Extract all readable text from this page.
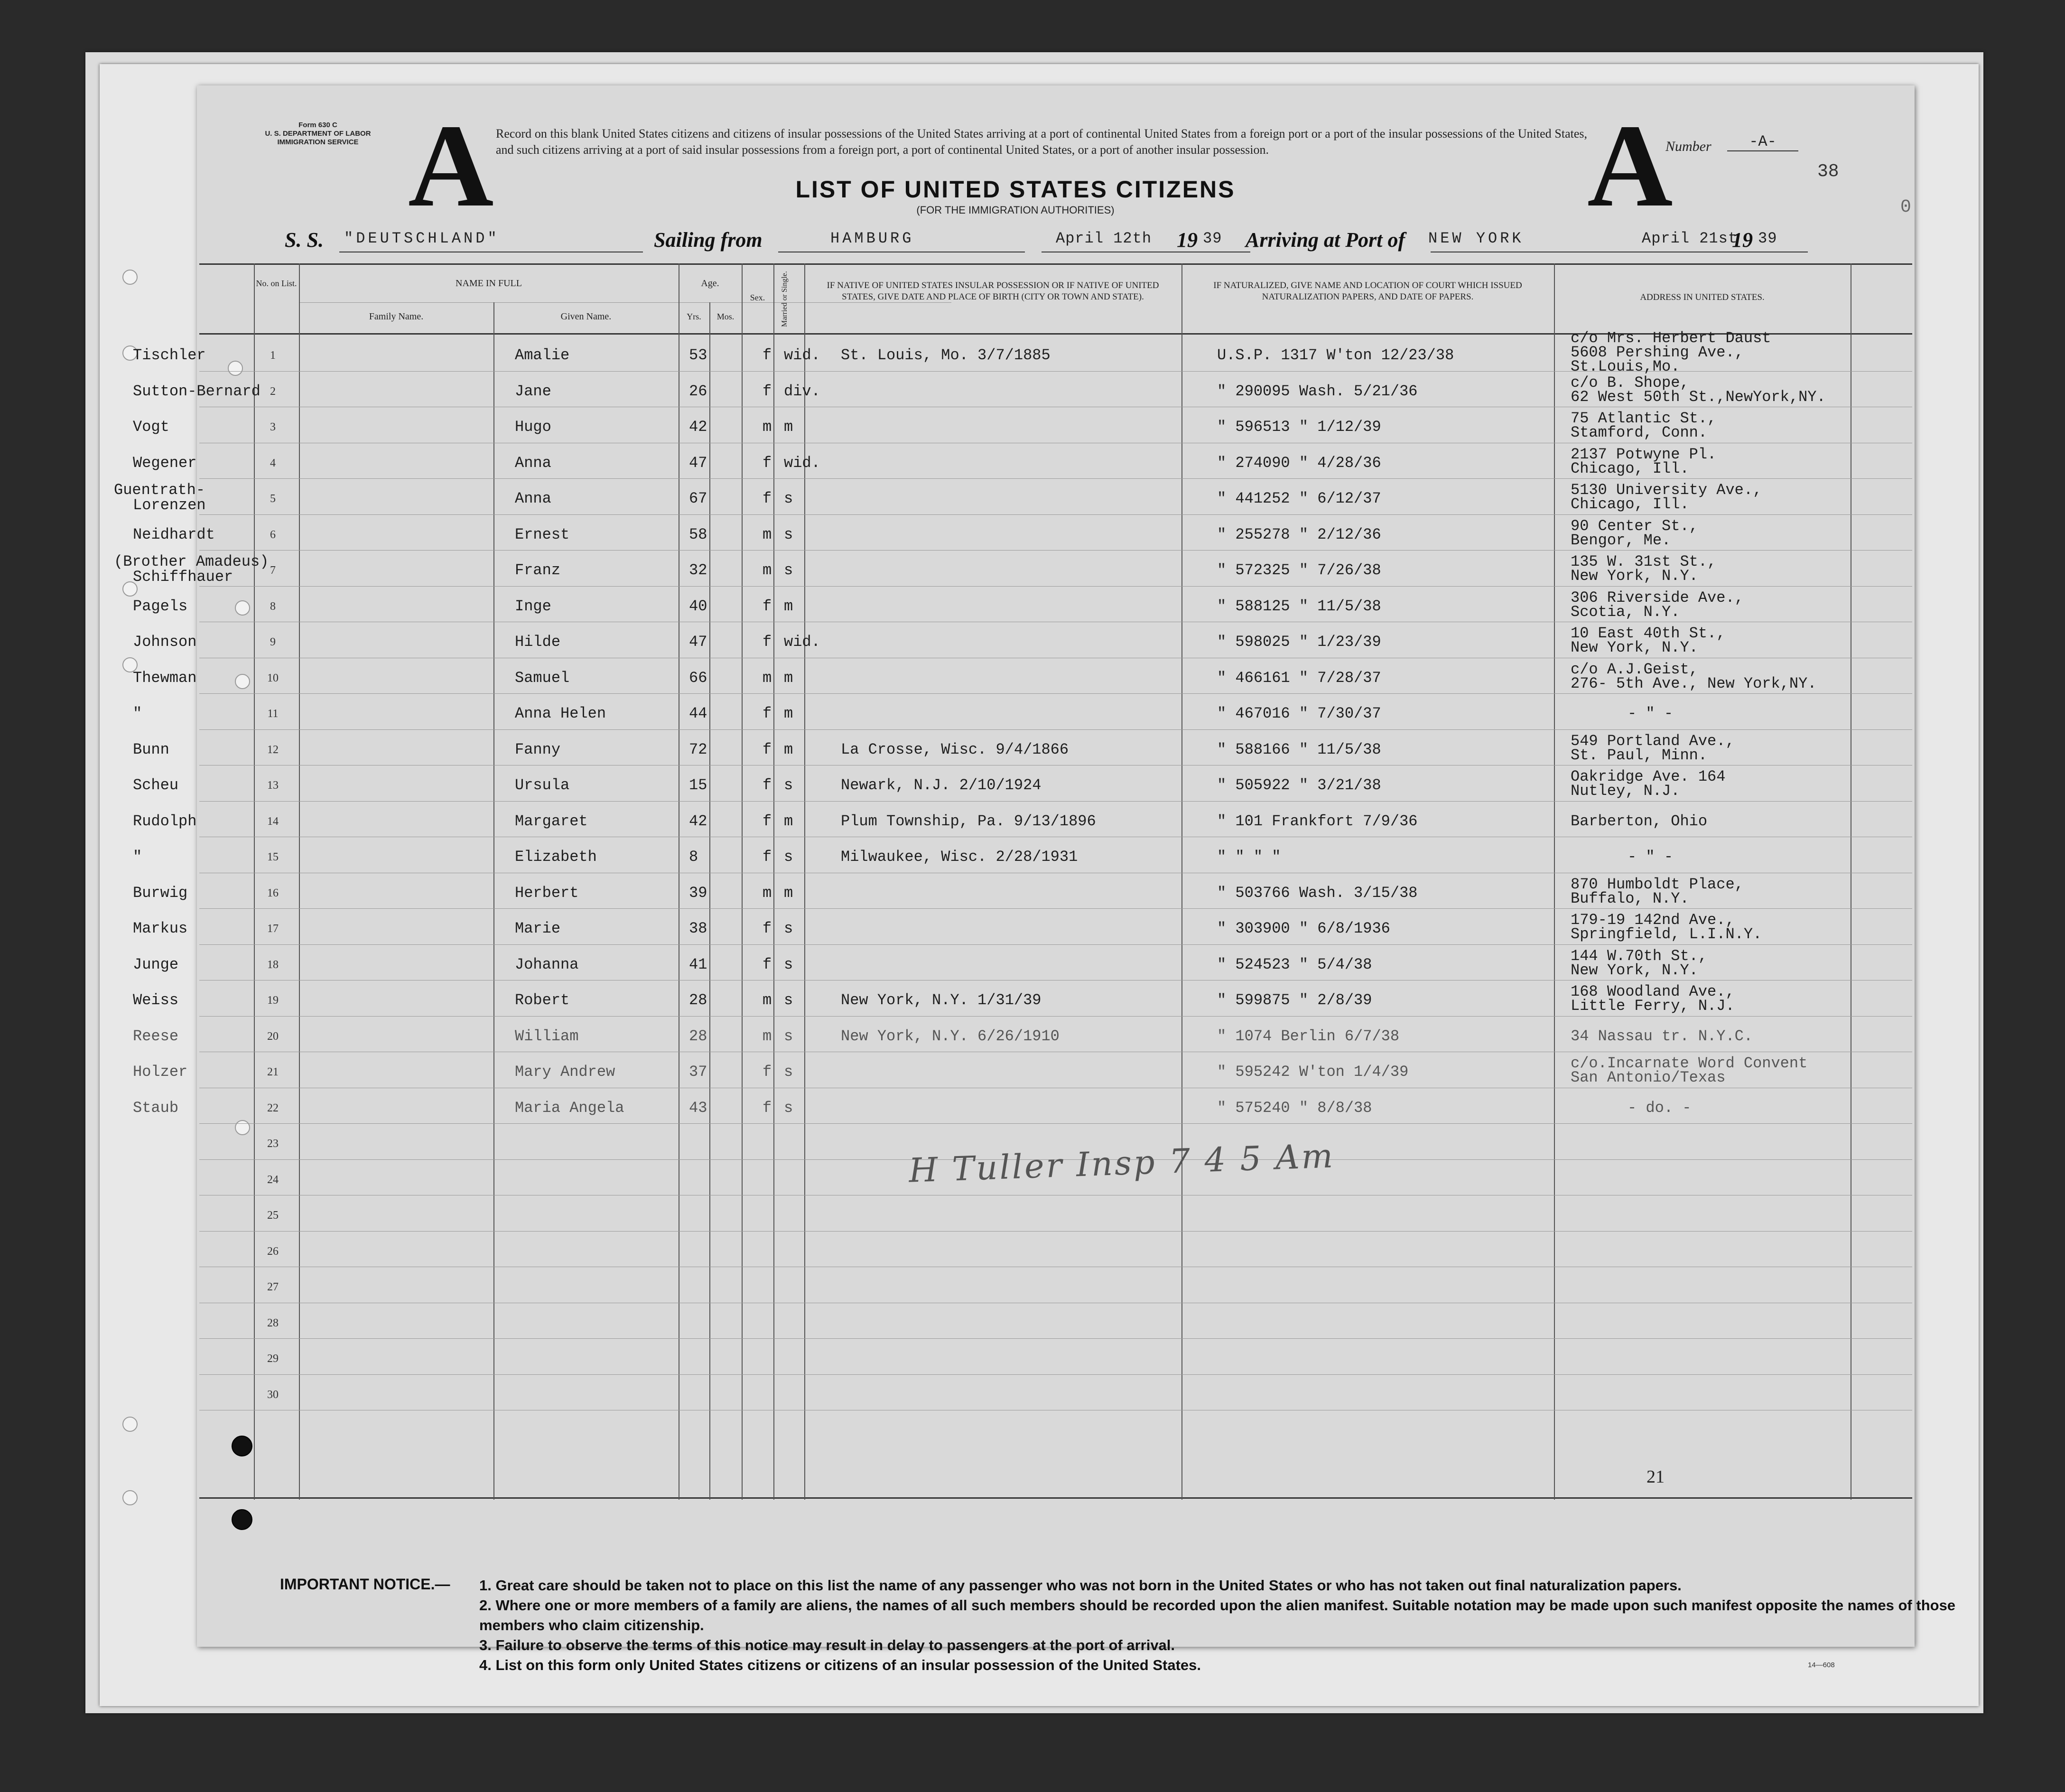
Form 630 C
U. S. DEPARTMENT OF LABOR
IMMIGRATION SERVICE A	A
Record on this blank United States citizens and citizens of insular possessions of the United States arriving at a port of continental United States from a foreign port or a port of the insular possessions of the United States, and such citizens arriving at a port of said insular possessions from a foreign port, a port of continental United States, or a port of another insular possession.
LIST OF UNITED STATES CITIZENS
(FOR THE IMMIGRATION AUTHORITIES)
Number	-A-
38
0
S. S. "DEUTSCHLAND"	Sailing from	HAMBURG	April 12th 19 39 Arriving at Port of NEW YORK	April 21st
19 39
No. on List.	NAME IN FULL
Family Name.	Given Name.
Age.
Yrs.	Mos.
Sex.	Married or Single.	IF NATIVE OF UNITED STATES INSULAR POSSESSION OR IF NATIVE OF UNITED STATES, GIVE DATE AND PLACE OF BIRTH (CITY OR TOWN AND STATE).
IF NATURALIZED, GIVE NAME AND LOCATION OF COURT WHICH ISSUED NATURALIZATION PAPERS, AND DATE OF PAPERS.	ADDRESS IN UNITED STATES.
1
Tischler	Amalie	53	f wid. St. Louis, Mo. 3/7/1885	U.S.P. 1317 W'ton 12/23/38
c/o Mrs. Herbert Daust
5608 Pershing Ave.,
St.Louis,Mo.
2
Sutton-Bernard	Jane	26	f div.	" 290095 Wash. 5/21/36	c/o B. Shope,
62 West 50th St.,NewYork,NY.
3
Vogt	Hugo	42	m m	" 596513 " 1/12/39	75 Atlantic St.,
Stamford, Conn.
4
Wegener	Anna	47	f wid.	" 274090 " 4/28/36	2137 Potwyne Pl.
Chicago, Ill.
5
Guentrath-
Lorenzen	Anna	67	f s	" 441252 " 6/12/37	5130 University Ave.,
Chicago, Ill.
6
Neidhardt	Ernest	58	m s	" 255278 " 2/12/36	90 Center St.,
Bengor, Me.
7
(Brother Amadeus)
Schiffhauer	Franz	32	m s	" 572325 " 7/26/38	135 W. 31st St.,
New York, N.Y.
8
Pagels	Inge	40	f m	" 588125 " 11/5/38	306 Riverside Ave.,
Scotia, N.Y.
9
Johnson	Hilde	47	f wid.	" 598025 " 1/23/39	10 East 40th St.,
New York, N.Y.
10
Thewman	Samuel	66	m m	" 466161 " 7/28/37	c/o A.J.Geist,
276- 5th Ave., New York,NY.
11
"	Anna Helen	44	f m	" 467016 " 7/30/37	- " -
12
Bunn	Fanny	72	f m	La Crosse, Wisc. 9/4/1866	" 588166 " 11/5/38	549 Portland Ave.,
St. Paul, Minn.
13
Scheu	Ursula	15	f s	Newark, N.J. 2/10/1924	" 505922 " 3/21/38	Oakridge Ave. 164
Nutley, N.J.
14
Rudolph	Margaret	42	f m	Plum Township, Pa. 9/13/1896	" 101 Frankfort 7/9/36	Barberton, Ohio
15
"	Elizabeth	8	f s	Milwaukee, Wisc. 2/28/1931	" " " "	- " -
16
Burwig	Herbert	39	m m	" 503766 Wash. 3/15/38	870 Humboldt Place,
Buffalo, N.Y.
17
Markus	Marie	38	f s	" 303900 " 6/8/1936	179-19 142nd Ave.,
Springfield, L.I.N.Y.
18
Junge	Johanna	41	f s	" 524523 " 5/4/38	144 W.70th St.,
New York, N.Y.
19
Weiss	Robert	28	m s	New York, N.Y. 1/31/39	" 599875 " 2/8/39	168 Woodland Ave.,
Little Ferry, N.J.
20
Reese	William	28	m s	New York, N.Y. 6/26/1910	" 1074 Berlin 6/7/38	34 Nassau tr. N.Y.C.
21
Holzer	Mary Andrew	37	f s	" 595242 W'ton 1/4/39	c/o.Incarnate Word Convent
San Antonio/Texas
22
Staub	Maria Angela	43	f s	" 575240 " 8/8/38	- do. -
23
24
25
26
27
28
29
30
H Tuller Insp 7 4 5 Am
21
IMPORTANT NOTICE.— 1. Great care should be taken not to place on this list the name of any passenger who was not born in the United States or who has not taken out final naturalization papers.
2. Where one or more members of a family are aliens, the names of all such members should be recorded upon the alien manifest. Suitable notation may be made upon such manifest opposite the names of those members who claim citizenship.
3. Failure to observe the terms of this notice may result in delay to passengers at the port of arrival.
4. List on this form only United States citizens or citizens of an insular possession of the United States.	14—608
